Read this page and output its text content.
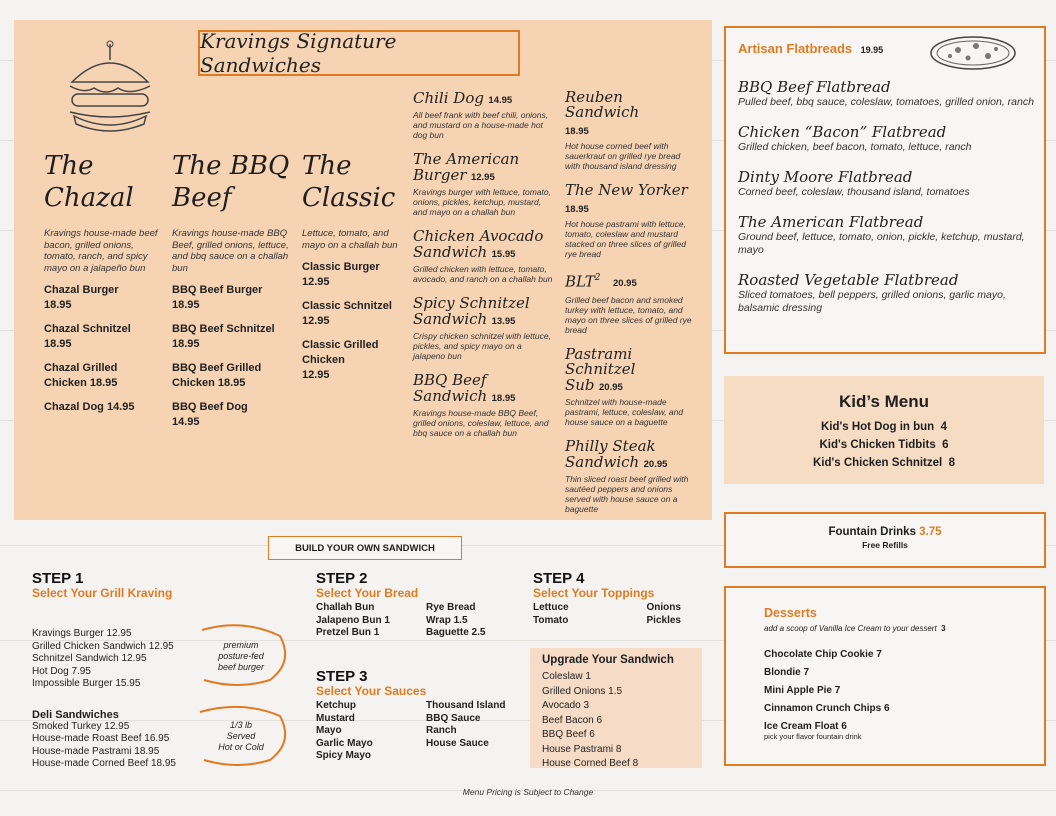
Kravings Signature Sandwiches
The
Chazal
Kravings house-made beef bacon, grilled onions, tomato, ranch, and spicy mayo on a jalapeño bun
Chazal Burger
18.95
Chazal Schnitzel
18.95
Chazal Grilled
Chicken 18.95
Chazal Dog 14.95
The BBQ
Beef
Kravings house-made BBQ Beef, grilled onions, lettuce, and bbq sauce on a challah bun
BBQ Beef Burger
18.95
BBQ Beef Schnitzel
18.95
BBQ Beef Grilled
Chicken 18.95
BBQ Beef Dog
14.95
The
Classic
Lettuce, tomato, and mayo on a challah bun
Classic Burger
12.95
Classic Schnitzel
12.95
Classic Grilled
Chicken
12.95
Chili Dog 14.95
All beef frank with beef chili, onions, and mustard on a house-made hot dog bun
The American
Burger 12.95
Kravings burger with lettuce, tomato, onions, pickles, ketchup, mustard, and mayo on a challah bun
Chicken Avocado
Sandwich 15.95
Grilled chicken with lettuce, tomato, avocado, and ranch on a challah bun
Spicy Schnitzel
Sandwich 13.95
Crispy chicken schnitzel with lettuce, pickles, and spicy mayo on a jalapeno bun
BBQ Beef
Sandwich 18.95
Kravings house-made BBQ Beef, grilled onions, coleslaw, lettuce, and bbq sauce on a challah bun
Reuben Sandwich
18.95
Hot house corned beef with sauerkraut on grilled rye bread with thousand island dressing
The New Yorker
18.95
Hot house pastrami with lettuce, tomato, coleslaw and mustard stacked on three slices of grilled rye bread
BLT$^2$ 20.95
Grilled beef bacon and smoked turkey with lettuce, tomato, and mayo on three slices of grilled rye bread
Pastrami Schnitzel
Sub 20.95
Schnitzel with house-made pastrami, lettuce, coleslaw, and house sauce on a baguette
Philly Steak
Sandwich 20.95
Thin sliced roast beef grilled with sautéed peppers and onions served with house sauce on a baguette
Artisan Flatbreads 19.95
BBQ Beef Flatbread
Pulled beef, bbq sauce, coleslaw, tomatoes, grilled onion, ranch
Chicken “Bacon” Flatbread
Grilled chicken, beef bacon, tomato, lettuce, ranch
Dinty Moore Flatbread
Corned beef, coleslaw, thousand island, tomatoes
The American Flatbread
Ground beef, lettuce, tomato, onion, pickle, ketchup, mustard, mayo
Roasted Vegetable Flatbread
Sliced tomatoes, bell peppers, grilled onions, garlic mayo, balsamic dressing
Kid’s Menu
Kid's Hot Dog in bun 4
Kid's Chicken Tidbits 6
Kid's Chicken Schnitzel 8
Fountain Drinks 3.75
Free Refills
Desserts
add a scoop of Vanilla Ice Cream to your dessert 3
Chocolate Chip Cookie 7
Blondie 7
Mini Apple Pie 7
Cinnamon Crunch Chips 6
Ice Cream Float 6
pick your flavor fountain drink
BUILD YOUR OWN SANDWICH
STEP 1
Select Your Grill Kraving
Kravings Burger 12.95
Grilled Chicken Sandwich 12.95
Schnitzel Sandwich 12.95
Hot Dog 7.95
Impossible Burger 15.95
Deli Sandwiches
Smoked Turkey 12.95
House-made Roast Beef 16.95
House-made Pastrami 18.95
House-made Corned Beef 18.95
premium
posture-fed
beef burger
1/3 lb
Served
Hot or Cold
STEP 2
Select Your Bread
Challah Bun
Jalapeno Bun 1
Pretzel Bun 1
Rye Bread
Wrap 1.5
Baguette 2.5
STEP 3
Select Your Sauces
Ketchup
Mustard
Mayo
Garlic Mayo
Spicy Mayo
Thousand Island
BBQ Sauce
Ranch
House Sauce
STEP 4
Select Your Toppings
Lettuce
Tomato
Onions
Pickles
Upgrade Your Sandwich
Coleslaw 1
Grilled Onions 1.5
Avocado 3
Beef Bacon 6
BBQ Beef 6
House Pastrami 8
House Corned Beef 8
Menu Pricing is Subject to Change
